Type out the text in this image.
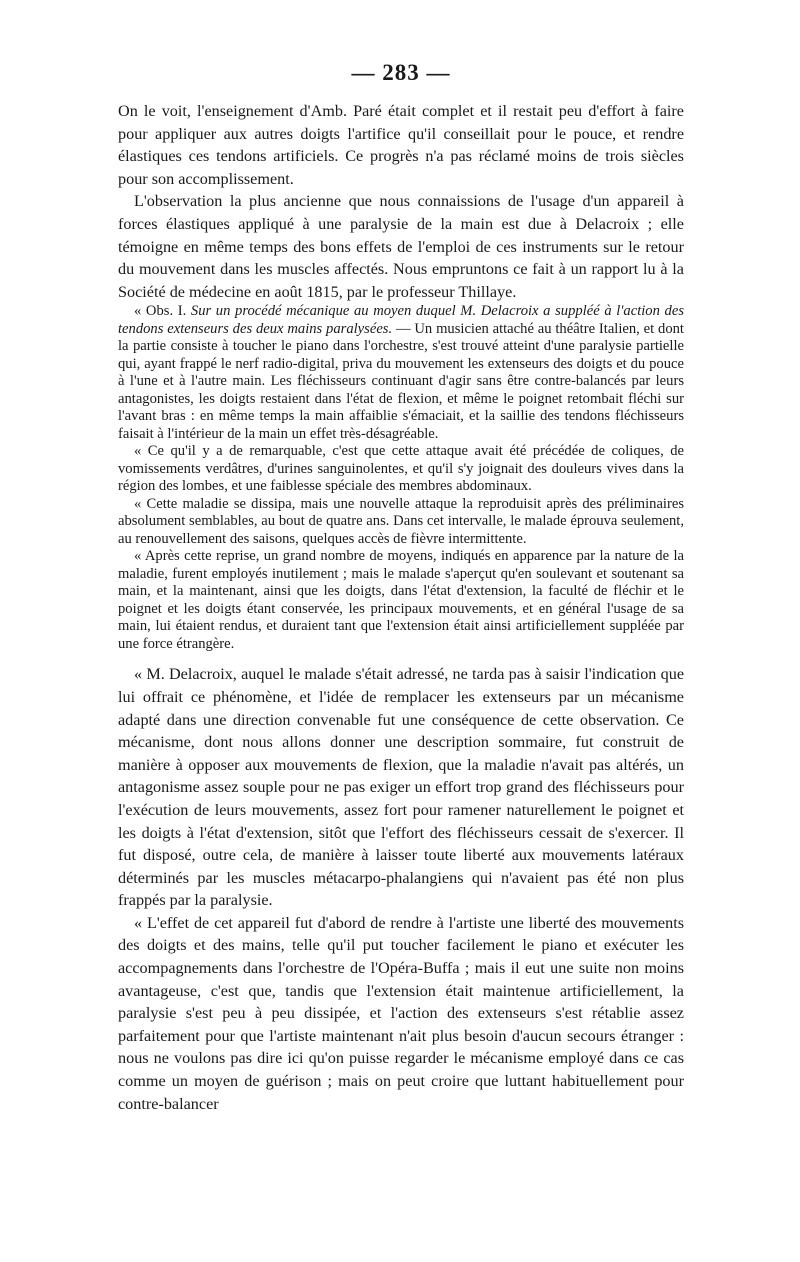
— 283 —

On le voit, l'enseignement d'Amb. Paré était complet et il restait peu d'effort à faire pour appliquer aux autres doigts l'artifice qu'il conseillait pour le pouce, et rendre élastiques ces tendons artificiels. Ce progrès n'a pas réclamé moins de trois siècles pour son accomplissement.

L'observation la plus ancienne que nous connaissions de l'usage d'un appareil à forces élastiques appliqué à une paralysie de la main est due à Delacroix ; elle témoigne en même temps des bons effets de l'emploi de ces instruments sur le retour du mouvement dans les muscles affectés. Nous empruntons ce fait à un rapport lu à la Société de médecine en août 1815, par le professeur Thillaye.

« Obs. I. Sur un procédé mécanique au moyen duquel M. Delacroix a suppléé à l'action des tendons extenseurs des deux mains paralysées. — Un musicien attaché au théâtre Italien, et dont la partie consiste à toucher le piano dans l'orchestre, s'est trouvé atteint d'une paralysie partielle qui, ayant frappé le nerf radio-digital, priva du mouvement les extenseurs des doigts et du pouce à l'une et à l'autre main. Les fléchisseurs continuant d'agir sans être contre-balancés par leurs antagonistes, les doigts restaient dans l'état de flexion, et même le poignet retombait fléchi sur l'avant bras : en même temps la main affaiblie s'émaciait, et la saillie des tendons fléchisseurs faisait à l'intérieur de la main un effet très-désagréable.

« Ce qu'il y a de remarquable, c'est que cette attaque avait été précédée de coliques, de vomissements verdâtres, d'urines sanguinolentes, et qu'il s'y joignait des douleurs vives dans la région des lombes, et une faiblesse spéciale des membres abdominaux.

« Cette maladie se dissipa, mais une nouvelle attaque la reproduisit après des préliminaires absolument semblables, au bout de quatre ans. Dans cet intervalle, le malade éprouva seulement, au renouvellement des saisons, quelques accès de fièvre intermittente.

« Après cette reprise, un grand nombre de moyens, indiqués en apparence par la nature de la maladie, furent employés inutilement ; mais le malade s'aperçut qu'en soulevant et soutenant sa main, et la maintenant, ainsi que les doigts, dans l'état d'extension, la faculté de fléchir et le poignet et les doigts étant conservée, les principaux mouvements, et en général l'usage de sa main, lui étaient rendus, et duraient tant que l'extension était ainsi artificiellement suppléée par une force étrangère.

« M. Delacroix, auquel le malade s'était adressé, ne tarda pas à saisir l'indication que lui offrait ce phénomène, et l'idée de remplacer les extenseurs par un mécanisme adapté dans une direction convenable fut une conséquence de cette observation. Ce mécanisme, dont nous allons donner une description sommaire, fut construit de manière à opposer aux mouvements de flexion, que la maladie n'avait pas altérés, un antagonisme assez souple pour ne pas exiger un effort trop grand des fléchisseurs pour l'exécution de leurs mouvements, assez fort pour ramener naturellement le poignet et les doigts à l'état d'extension, sitôt que l'effort des fléchisseurs cessait de s'exercer. Il fut disposé, outre cela, de manière à laisser toute liberté aux mouvements latéraux déterminés par les muscles métacarpo-phalangiens qui n'avaient pas été non plus frappés par la paralysie.

« L'effet de cet appareil fut d'abord de rendre à l'artiste une liberté des mouvements des doigts et des mains, telle qu'il put toucher facilement le piano et exécuter les accompagnements dans l'orchestre de l'Opéra-Buffa ; mais il eut une suite non moins avantageuse, c'est que, tandis que l'extension était maintenue artificiellement, la paralysie s'est peu à peu dissipée, et l'action des extenseurs s'est rétablie assez parfaitement pour que l'artiste maintenant n'ait plus besoin d'aucun secours étranger : nous ne voulons pas dire ici qu'on puisse regarder le mécanisme employé dans ce cas comme un moyen de guérison ; mais on peut croire que luttant habituellement pour contre-balancer
